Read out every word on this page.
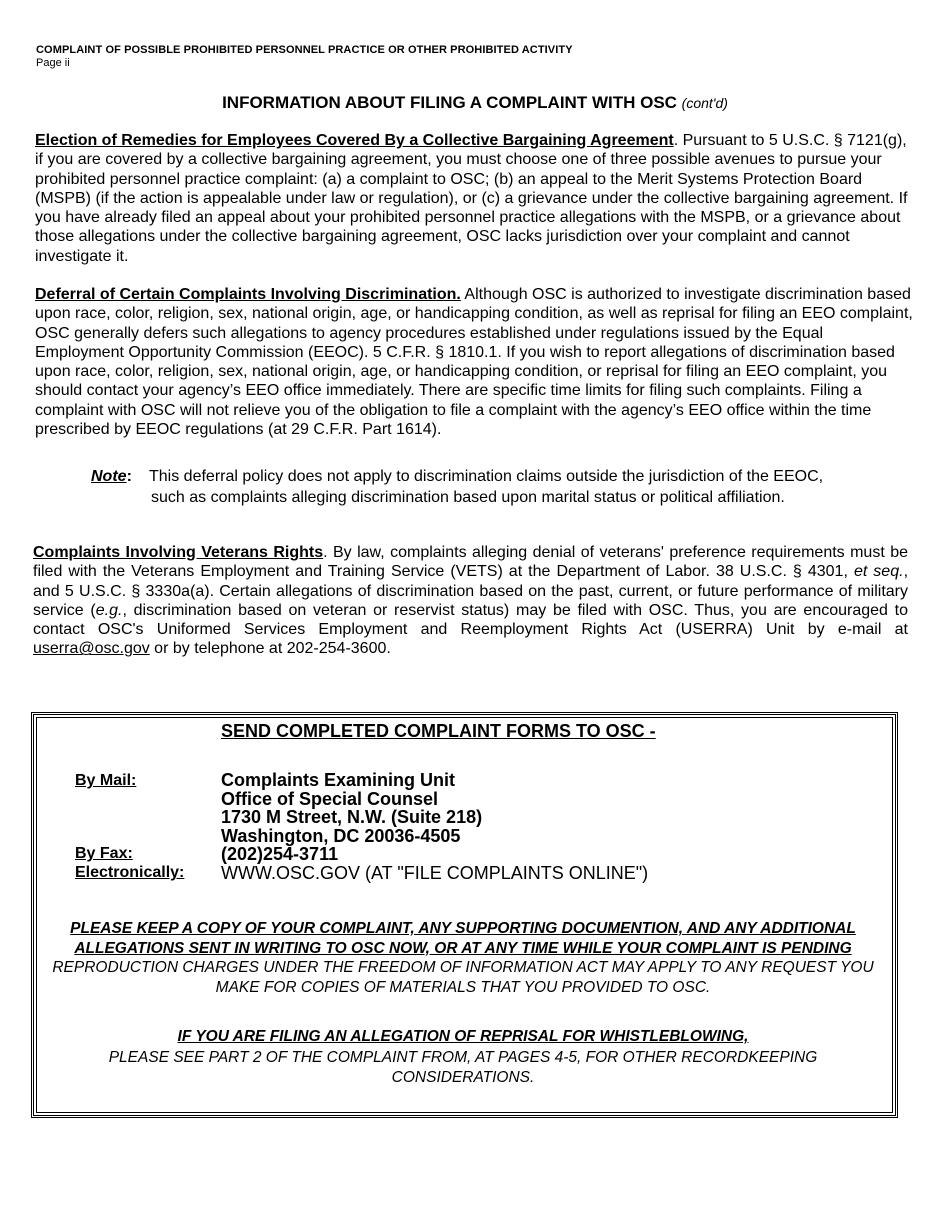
COMPLAINT OF POSSIBLE PROHIBITED PERSONNEL PRACTICE OR OTHER PROHIBITED ACTIVITY
Page ii
INFORMATION ABOUT FILING A COMPLAINT WITH OSC (cont'd)

Election of Remedies for Employees Covered By a Collective Bargaining Agreement. Pursuant to 5 U.S.C. § 7121(g), if you are covered by a collective bargaining agreement, you must choose one of three possible avenues to pursue your prohibited personnel practice complaint: (a) a complaint to OSC; (b) an appeal to the Merit Systems Protection Board (MSPB) (if the action is appealable under law or regulation), or (c) a grievance under the collective bargaining agreement. If you have already filed an appeal about your prohibited personnel practice allegations with the MSPB, or a grievance about those allegations under the collective bargaining agreement, OSC lacks jurisdiction over your complaint and cannot investigate it.

Deferral of Certain Complaints Involving Discrimination. Although OSC is authorized to investigate discrimination based upon race, color, religion, sex, national origin, age, or handicapping condition, as well as reprisal for filing an EEO complaint, OSC generally defers such allegations to agency procedures established under regulations issued by the Equal Employment Opportunity Commission (EEOC). 5 C.F.R. § 1810.1. If you wish to report allegations of discrimination based upon race, color, religion, sex, national origin, age, or handicapping condition, or reprisal for filing an EEO complaint, you should contact your agency’s EEO office immediately. There are specific time limits for filing such complaints. Filing a complaint with OSC will not relieve you of the obligation to file a complaint with the agency’s EEO office within the time prescribed by EEOC regulations (at 29 C.F.R. Part 1614).

Note: This deferral policy does not apply to discrimination claims outside the jurisdiction of the EEOC, such as complaints alleging discrimination based upon marital status or political affiliation.

Complaints Involving Veterans Rights. By law, complaints alleging denial of veterans' preference requirements must be filed with the Veterans Employment and Training Service (VETS) at the Department of Labor. 38 U.S.C. § 4301, et seq., and 5 U.S.C. § 3330a(a). Certain allegations of discrimination based on the past, current, or future performance of military service (e.g., discrimination based on veteran or reservist status) may be filed with OSC. Thus, you are encouraged to contact OSC's Uniformed Services Employment and Reemployment Rights Act (USERRA) Unit by e-mail at userra@osc.gov or by telephone at 202-254-3600.

SEND COMPLETED COMPLAINT FORMS TO OSC -
By Mail:
By Fax:
Electronically:
Complaints Examining Unit
Office of Special Counsel
1730 M Street, N.W. (Suite 218)
Washington, DC 20036-4505
(202)254-3711
WWW.OSC.GOV (AT "FILE COMPLAINTS ONLINE")
PLEASE KEEP A COPY OF YOUR COMPLAINT, ANY SUPPORTING DOCUMENTION, AND ANY ADDITIONAL
ALLEGATIONS SENT IN WRITING TO OSC NOW, OR AT ANY TIME WHILE YOUR COMPLAINT IS PENDING
REPRODUCTION CHARGES UNDER THE FREEDOM OF INFORMATION ACT MAY APPLY TO ANY REQUEST YOU
MAKE FOR COPIES OF MATERIALS THAT YOU PROVIDED TO OSC.
IF YOU ARE FILING AN ALLEGATION OF REPRISAL FOR WHISTLEBLOWING,
PLEASE SEE PART 2 OF THE COMPLAINT FROM, AT PAGES 4-5, FOR OTHER RECORDKEEPING
CONSIDERATIONS.
